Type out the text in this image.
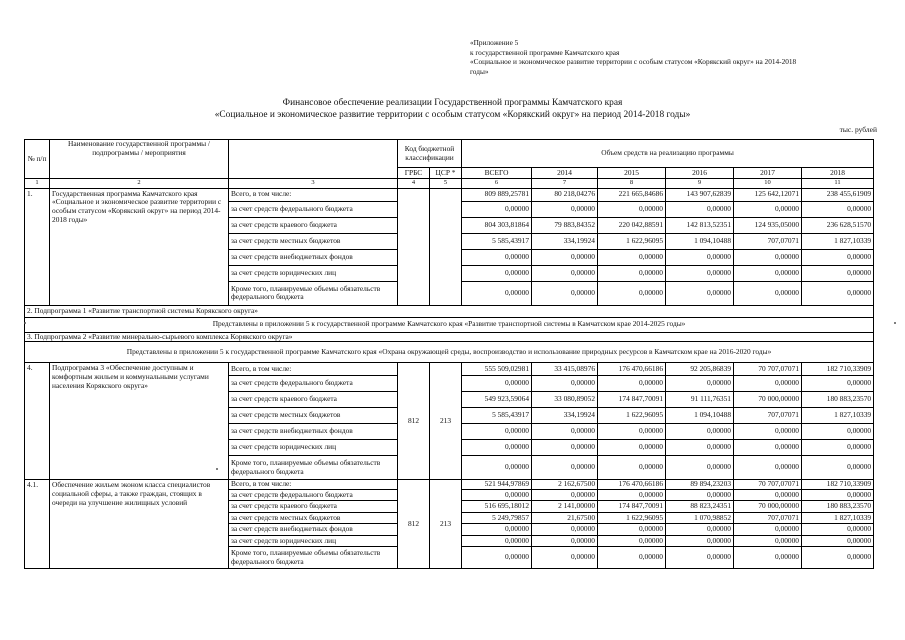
«Приложение 5
к государственной программе Камчатского края
«Социальное и экономическое развитие территории с особым статусом «Корякский округ» на 2014-2018
годы»
Финансовое обеспечение реализации Государственной программы Камчатского края
«Социальное и экономическое развитие территории с особым статусом «Корякский округ» на период 2014-2018 годы»
тыс. рублей
№ п/п	Наименование государственной программы / подпрограммы / мероприятия		Код бюджетной классификации		Объем средств на реализацию программы					
			ГРБС	ЦСР *	ВСЕГО	2014	2015	2016	2017	2018
1	2	3	4	5	6	7	8	9	10	11
1.	Государственная программа Камчатского края «Социальное и экономическое развитие территории с особым статусом «Корякский округ» на период 2014-2018 годы»	Всего, в том числе:			809 889,25781	80 218,04276	221 665,84686	143 907,62839	125 642,12071	238 455,61909
		за счет средств федерального бюджета			0,00000	0,00000	0,00000	0,00000	0,00000	0,00000
		за счет средств краевого бюджета			804 303,81864	79 883,84352	220 042,88591	142 813,52351	124 935,05000	236 628,51570
		за счет средств местных бюджетов			5 585,43917	334,19924	1 622,96095	1 094,10488	707,07071	1 827,10339
		за счет средств внебюджетных фондов			0,00000	0,00000	0,00000	0,00000	0,00000	0,00000
		за счет средств юридических лиц			0,00000	0,00000	0,00000	0,00000	0,00000	0,00000
		Кроме того, планируемые объемы обязательств федерального бюджета			0,00000	0,00000	0,00000	0,00000	0,00000	0,00000
2. Подпрограмма 1 «Развитие транспортной системы Корякского округа»										
Представлены в приложении 5 к государственной программе Камчатского края «Развитие транспортной системы в Камчатском крае 2014-2025 годы»										
3. Подпрограмма 2 «Развитие минерально-сырьевого комплекса Корякского округа»										
Представлены в приложении 5 к государственной программе Камчатского края «Охрана окружающей среды, воспроизводство и использование природных ресурсов в Камчатском крае на 2016-2020 годы»										
4.	Подпрограмма 3 «Обеспечение доступным и комфортным жильем и коммунальными услугами населения Корякского округа»	Всего, в том числе:	812	213	555 509,02981	33 415,08976	176 470,66186	92 205,86839	70 707,07071	182 710,33909
		за счет средств федерального бюджета			0,00000	0,00000	0,00000	0,00000	0,00000	0,00000
		за счет средств краевого бюджета			549 923,59064	33 080,89052	174 847,70091	91 111,76351	70 000,00000	180 883,23570
		за счет средств местных бюджетов			5 585,43917	334,19924	1 622,96095	1 094,10488	707,07071	1 827,10339
		за счет средств внебюджетных фондов			0,00000	0,00000	0,00000	0,00000	0,00000	0,00000
		за счет средств юридических лиц			0,00000	0,00000	0,00000	0,00000	0,00000	0,00000
		Кроме того, планируемые объемы обязательств федерального бюджета			0,00000	0,00000	0,00000	0,00000	0,00000	0,00000
4.1.	Обеспечение жильем эконом класса специалистов социальной сферы, а также граждан, стоящих в очереди на улучшение жилищных условий	Всего, в том числе:	812	213	521 944,97869	2 162,67500	176 470,66186	89 894,23203	70 707,07071	182 710,33909
		за счет средств федерального бюджета			0,00000	0,00000	0,00000	0,00000	0,00000	0,00000
		за счет средств краевого бюджета			516 695,18012	2 141,00000	174 847,70091	88 823,24351	70 000,00000	180 883,23570
		за счет средств местных бюджетов			5 249,79857	21,67500	1 622,96095	1 070,98852	707,07071	1 827,10339
		за счет средств внебюджетных фондов			0,00000	0,00000	0,00000	0,00000	0,00000	0,00000
		за счет средств юридических лиц			0,00000	0,00000	0,00000	0,00000	0,00000	0,00000
		Кроме того, планируемые объемы обязательств федерального бюджета			0,00000	0,00000	0,00000	0,00000	0,00000	0,00000
